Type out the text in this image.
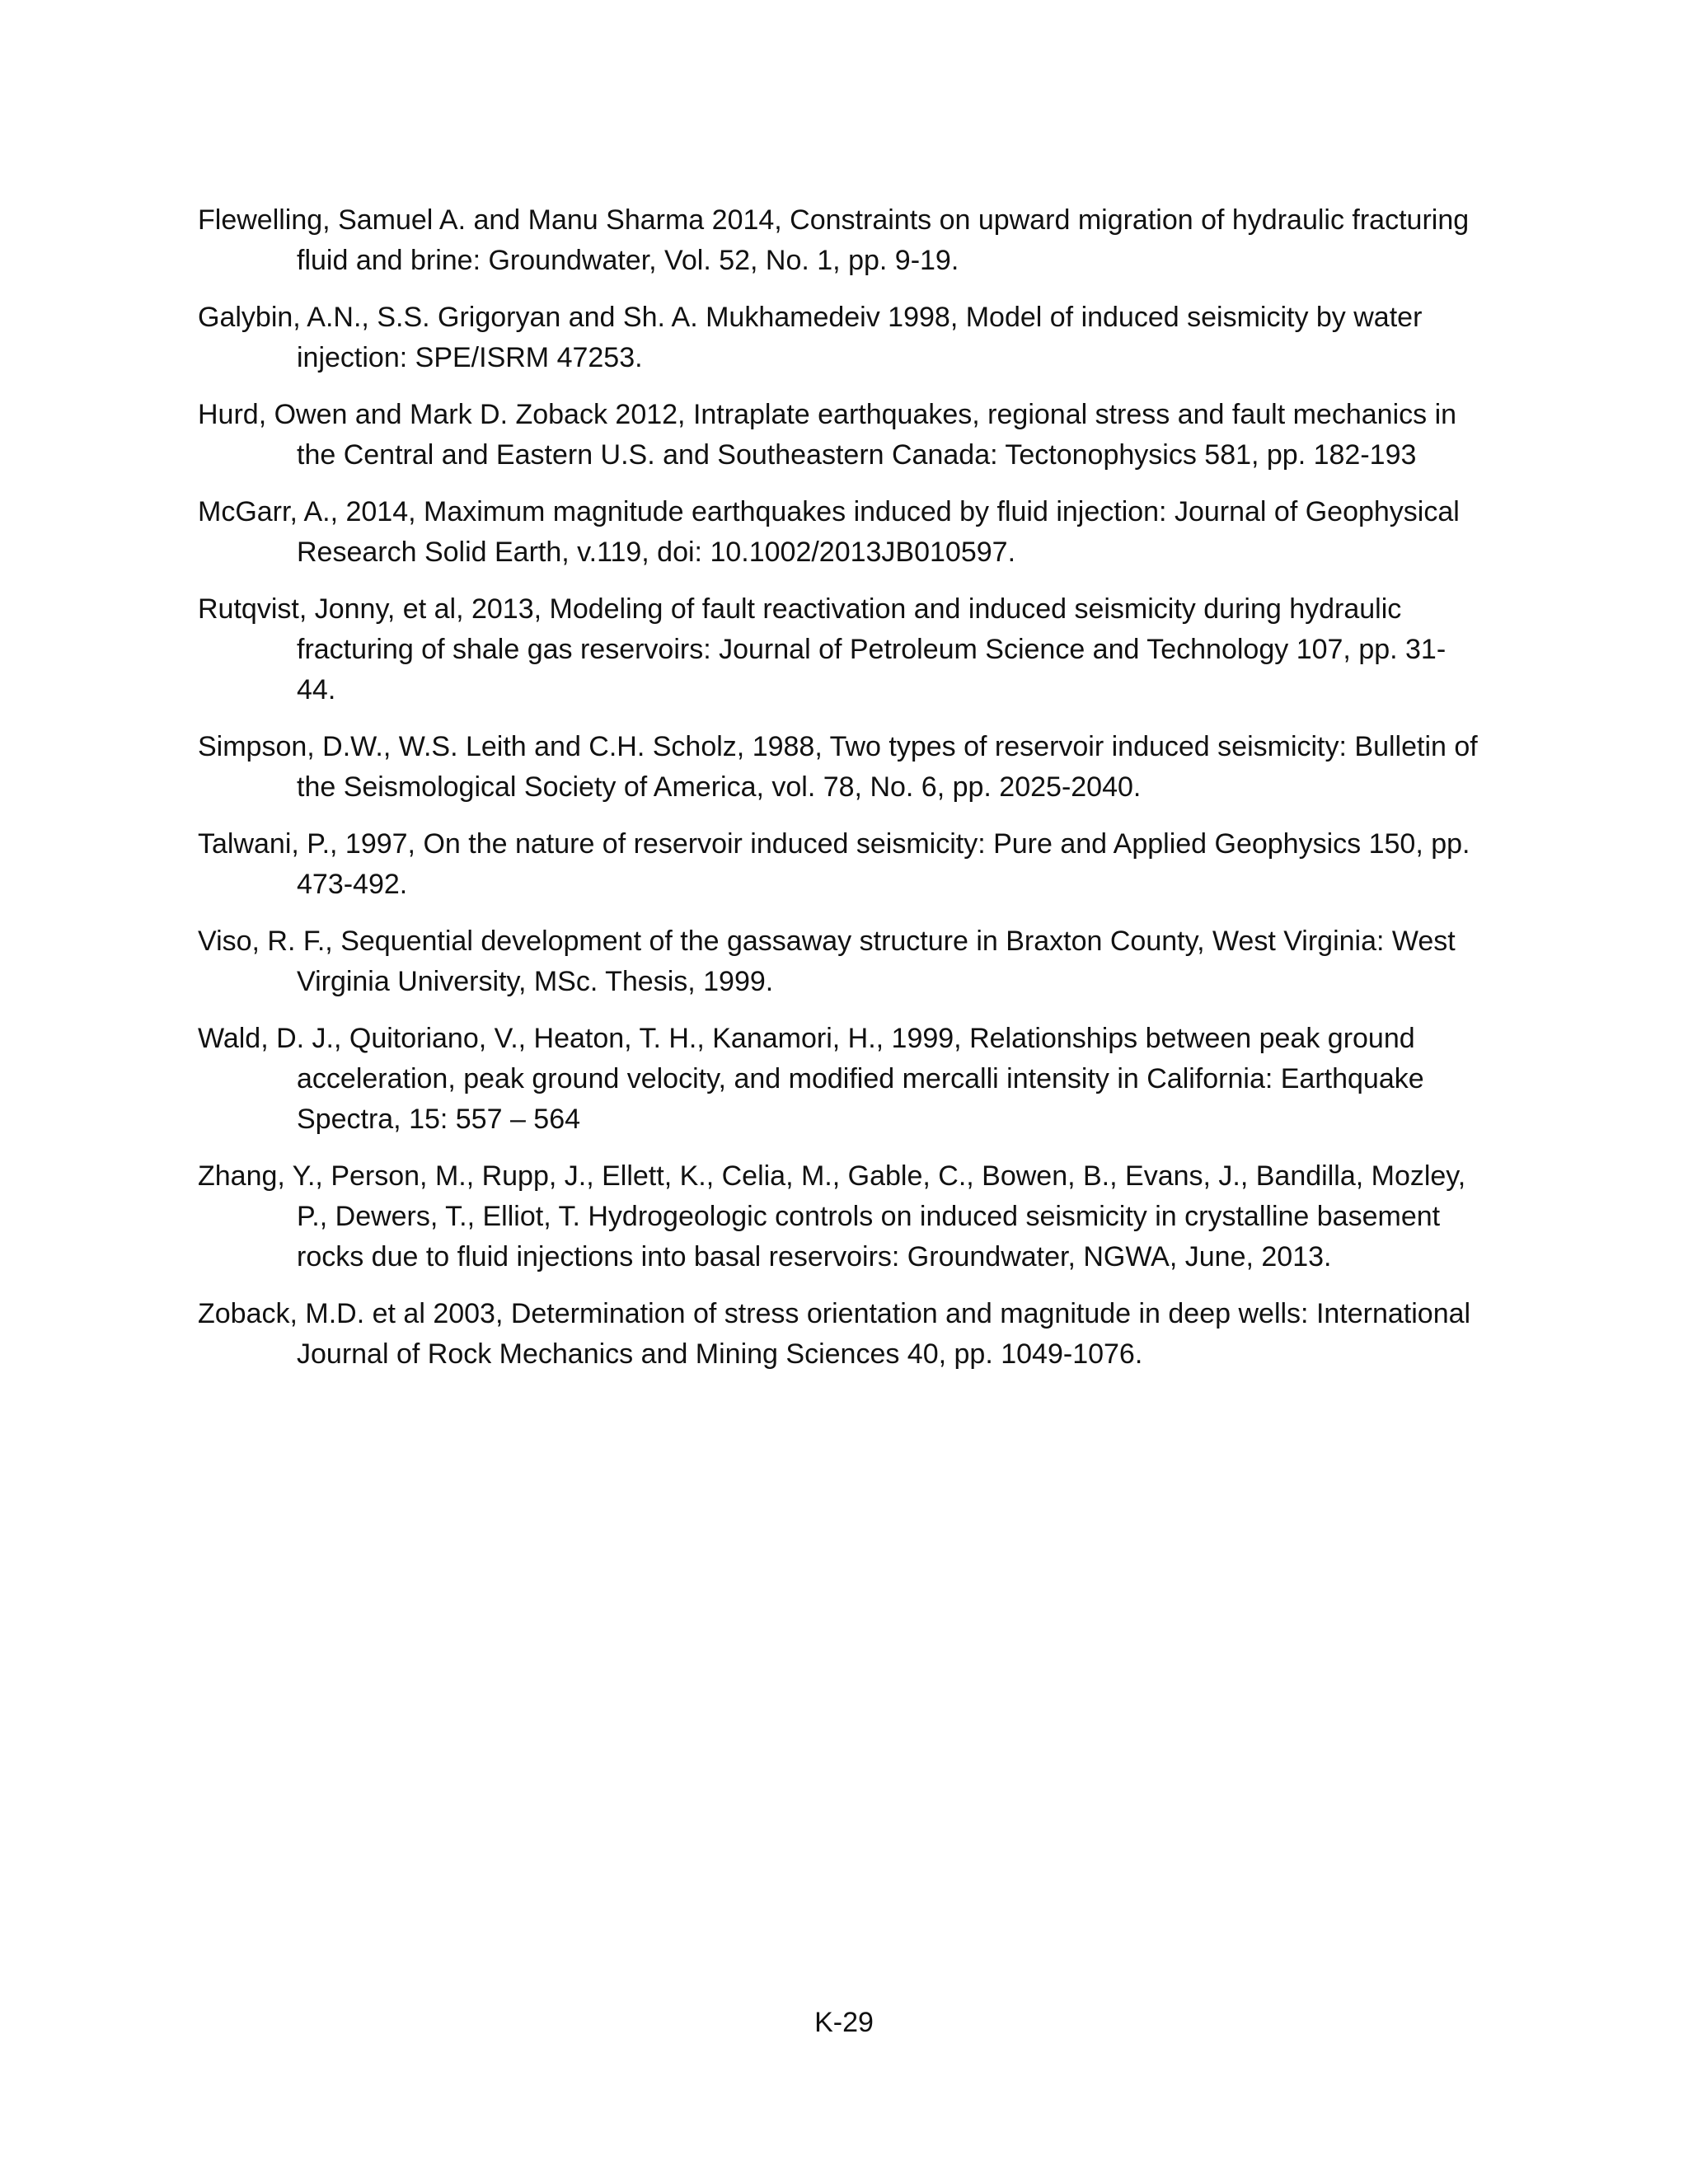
Flewelling, Samuel A. and Manu Sharma 2014, Constraints on upward migration of hydraulic fracturing fluid and brine: Groundwater, Vol. 52, No. 1, pp. 9-19.
Galybin, A.N., S.S. Grigoryan and Sh. A. Mukhamedeiv 1998, Model of induced seismicity by water injection: SPE/ISRM 47253.
Hurd, Owen and Mark D. Zoback 2012, Intraplate earthquakes, regional stress and fault mechanics in the Central and Eastern U.S. and Southeastern Canada: Tectonophysics 581, pp. 182-193
McGarr, A., 2014, Maximum magnitude earthquakes induced by fluid injection: Journal of Geophysical Research Solid Earth, v.119, doi: 10.1002/2013JB010597.
Rutqvist, Jonny, et al, 2013, Modeling of fault reactivation and induced seismicity during hydraulic fracturing of shale gas reservoirs: Journal of Petroleum Science and Technology 107, pp. 31-44.
Simpson, D.W., W.S. Leith and C.H. Scholz, 1988, Two types of reservoir induced seismicity: Bulletin of the Seismological Society of America, vol. 78, No. 6, pp. 2025-2040.
Talwani, P., 1997, On the nature of reservoir induced seismicity: Pure and Applied Geophysics 150, pp. 473-492.
Viso, R. F., Sequential development of the gassaway structure in Braxton County, West Virginia: West Virginia University, MSc. Thesis, 1999.
Wald, D. J., Quitoriano, V., Heaton, T. H., Kanamori, H., 1999, Relationships between peak ground acceleration, peak ground velocity, and modified mercalli intensity in California: Earthquake Spectra, 15: 557 – 564
Zhang, Y., Person, M., Rupp, J., Ellett, K., Celia, M., Gable, C., Bowen, B., Evans, J., Bandilla, Mozley, P., Dewers, T., Elliot, T. Hydrogeologic controls on induced seismicity in crystalline basement rocks due to fluid injections into basal reservoirs: Groundwater, NGWA, June, 2013.
Zoback, M.D. et al 2003, Determination of stress orientation and magnitude in deep wells: International Journal of Rock Mechanics and Mining Sciences 40, pp. 1049-1076.
K-29
